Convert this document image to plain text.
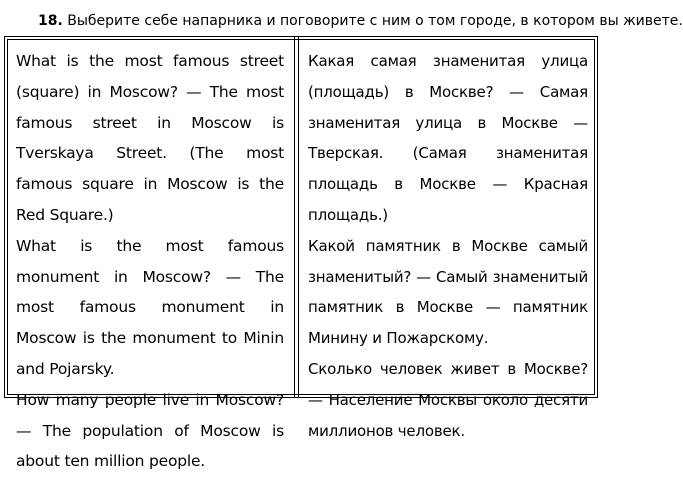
18. Выберите себе напарника и поговорите с ним о том городе, в котором вы живете.

What is the most famous street (square) in Moscow? — The most famous street in Moscow is Tverskaya Street. (The most famous square in Moscow is the Red Square.)

What is the most famous monument in Moscow? — The most famous monument in Moscow is the monument to Minin and Pojarsky.

How many people live in Moscow? — The population of Moscow is about ten million people.

Какая самая знаменитая улица (площадь) в Москве? — Самая знаменитая улица в Москве — Тверская. (Самая знаменитая площадь в Москве — Красная площадь.)

Какой памятник в Москве самый знаменитый? — Самый знаменитый памятник в Москве — памятник Минину и Пожарскому.

Сколько человек живет в Москве? — Население Москвы около десяти миллионов человек.
